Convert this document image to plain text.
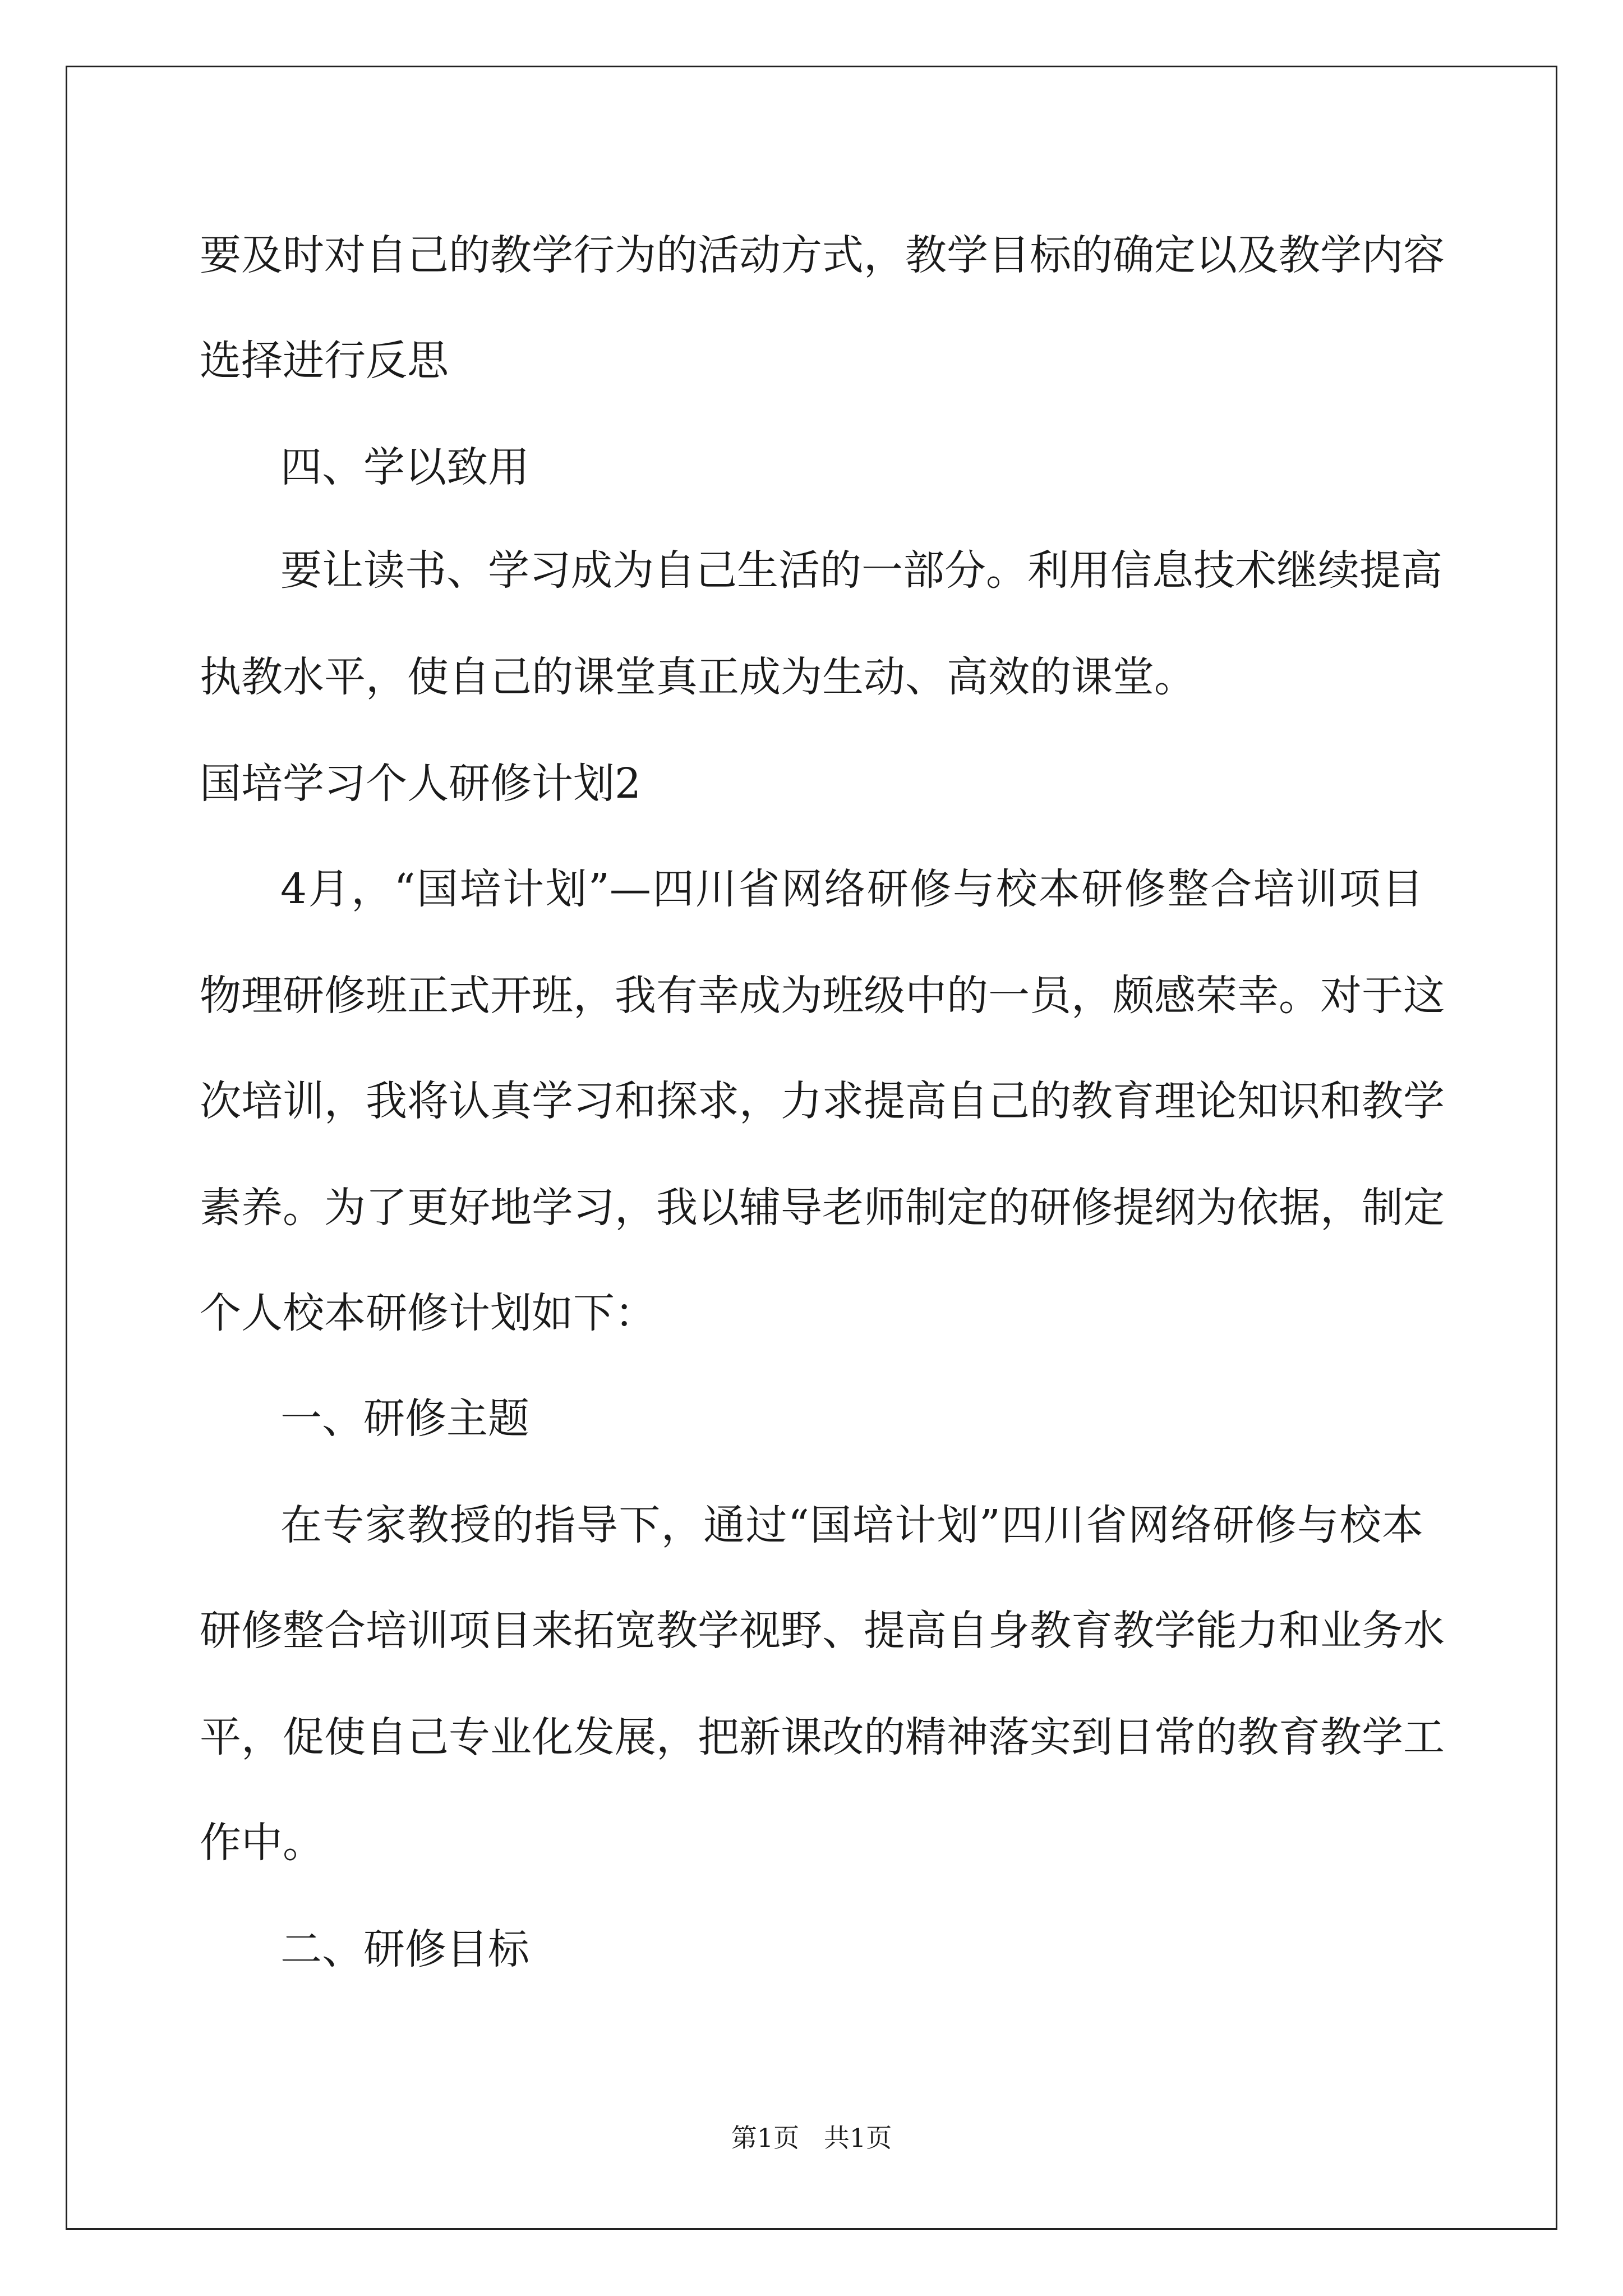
要及时对自己的教学行为的活动方式，教学目标的确定以及教学内容
选择进行反思
四、学以致用
要让读书、学习成为自己生活的一部分。利用信息技术继续提高
执教水平，使自己的课堂真正成为生动、高效的课堂。
国培学习个人研修计划2
4月，“国培计划”—四川省网络研修与校本研修整合培训项目
物理研修班正式开班，我有幸成为班级中的一员，颇感荣幸。对于这
次培训，我将认真学习和探求，力求提高自己的教育理论知识和教学
素养。为了更好地学习，我以辅导老师制定的研修提纲为依据，制定
个人校本研修计划如下：
一、研修主题
在专家教授的指导下，通过“国培计划”四川省网络研修与校本
研修整合培训项目来拓宽教学视野、提高自身教育教学能力和业务水
平，促使自己专业化发展，把新课改的精神落实到日常的教育教学工
作中。
二、研修目标
第1页   共1页
